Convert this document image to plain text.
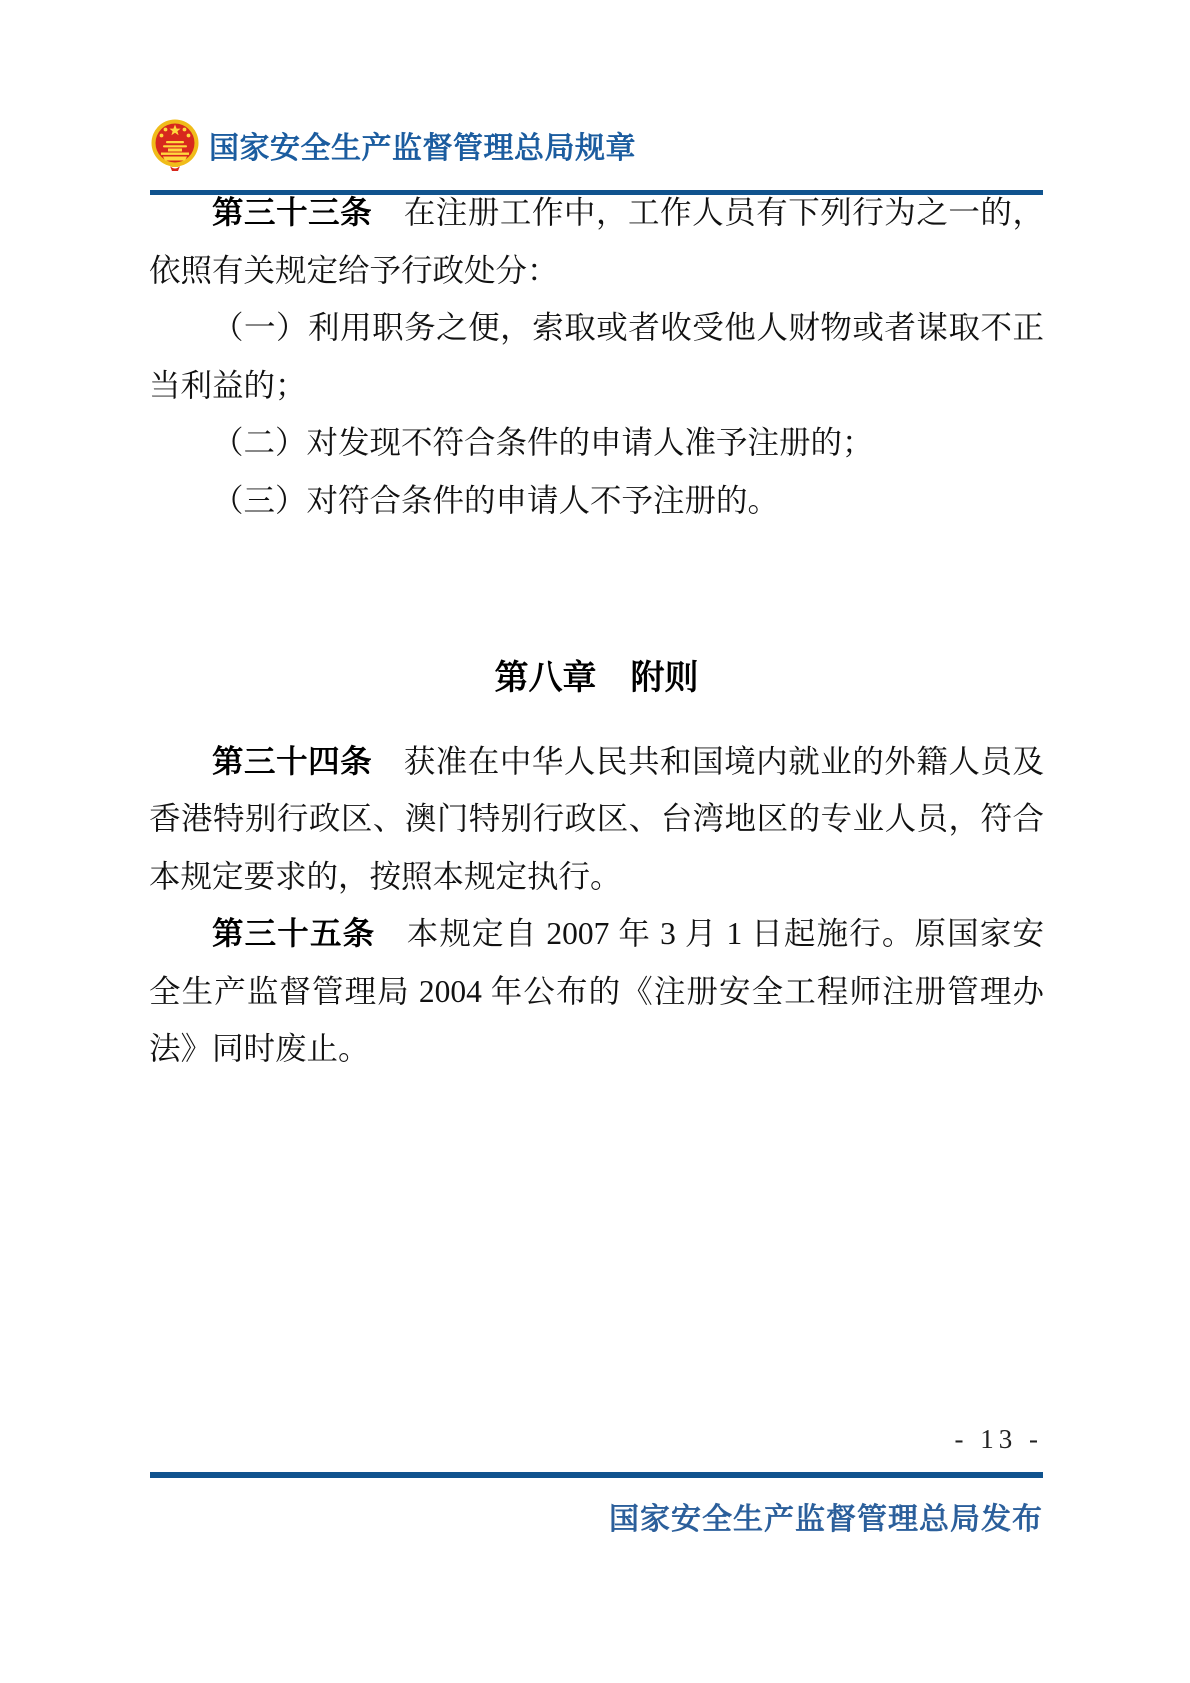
国家安全生产监督管理总局规章

第三十三条 在注册工作中，工作人员有下列行为之一的，依照有关规定给予行政处分：

（一）利用职务之便，索取或者收受他人财物或者谋取不正当利益的；

（二）对发现不符合条件的申请人准予注册的；

（三）对符合条件的申请人不予注册的。

第八章　附则

第三十四条 获准在中华人民共和国境内就业的外籍人员及香港特别行政区、澳门特别行政区、台湾地区的专业人员，符合本规定要求的，按照本规定执行。

第三十五条 本规定自 2007 年 3 月 1 日起施行。原国家安全生产监督管理局 2004 年公布的《注册安全工程师注册管理办法》同时废止。

- 13 -
国家安全生产监督管理总局发布
